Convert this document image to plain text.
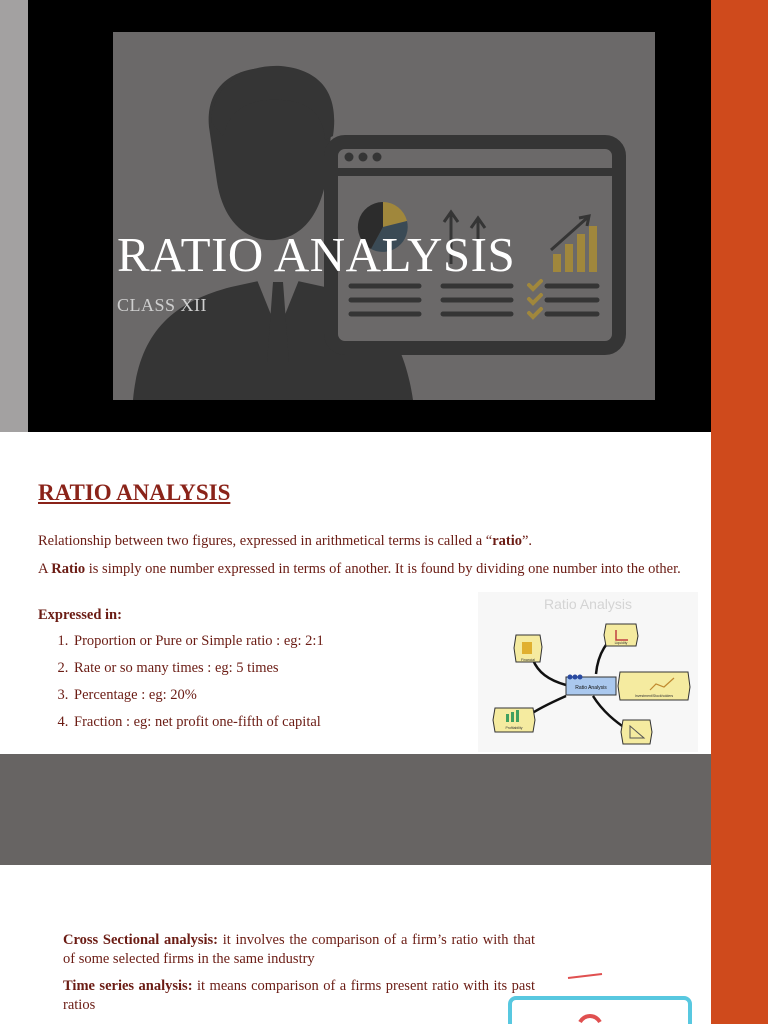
RATIO ANALYSIS
CLASS XII
RATIO ANALYSIS

Relationship between two figures, expressed in arithmetical terms is called a “ratio”.

A Ratio is simply one number expressed in terms of another. It is found by dividing one number into the other.

Expressed in:

1. Proportion or Pure or Simple ratio : eg: 2:1
2. Rate or so many times : eg: 5 times
3. Percentage : eg: 20%
4. Fraction : eg: net profit one-fifth of capital
Ratio Analysis
Financial
Liquidity
Ratio Analysis
Investment/Stockholders
Profitability

Cross Sectional analysis: it involves the comparison of a firm’s ratio with that of some selected firms in the same industry

Time series analysis: it means comparison of a firms present ratio with its past ratios
